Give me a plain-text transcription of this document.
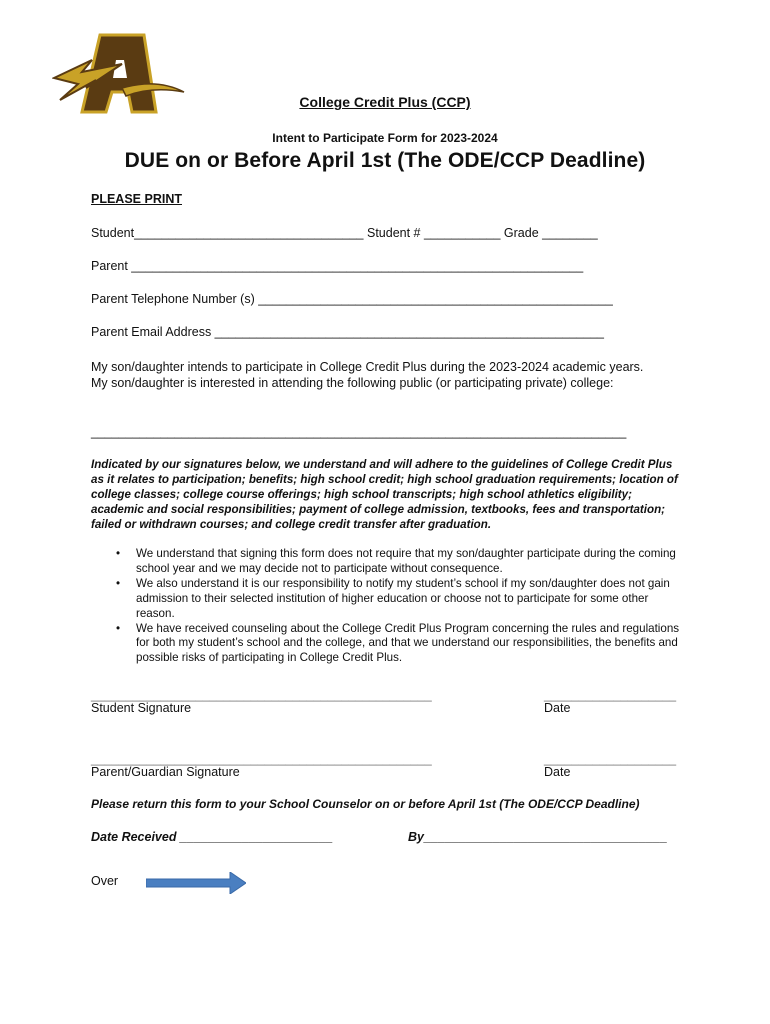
College Credit Plus (CCP)
Intent to Participate Form for 2023-2024
DUE on or Before April 1st (The ODE/CCP Deadline)
PLEASE PRINT
Student_________________________________ Student # ___________ Grade ________
Parent _________________________________________________________________
Parent Telephone Number (s) ___________________________________________________
Parent Email Address ________________________________________________________
My son/daughter intends to participate in College Credit Plus during the 2023-2024 academic years. My son/daughter is interested in attending the following public (or participating private) college:
_____________________________________________________________________________
Indicated by our signatures below, we understand and will adhere to the guidelines of College Credit Plus as it relates to participation; benefits; high school credit; high school graduation requirements; location of college classes; college course offerings; high school transcripts; high school athletics eligibility; academic and social responsibilities; payment of college admission, textbooks, fees and transportation; failed or withdrawn courses; and college credit transfer after graduation.
• We understand that signing this form does not require that my son/daughter participate during the coming school year and we may decide not to participate without consequence.
• We also understand it is our responsibility to notify my student’s school if my son/daughter does not gain admission to their selected institution of higher education or choose not to participate for some other reason.
• We have received counseling about the College Credit Plus Program concerning the rules and regulations for both my student’s school and the college, and that we understand our responsibilities, the benefits and possible risks of participating in College Credit Plus.
_________________________________________________
Student Signature
___________________
Date
_________________________________________________
Parent/Guardian Signature
___________________
Date
Please return this form to your School Counselor on or before April 1st (The ODE/CCP Deadline)
Date Received ______________________	By___________________________________
Over
